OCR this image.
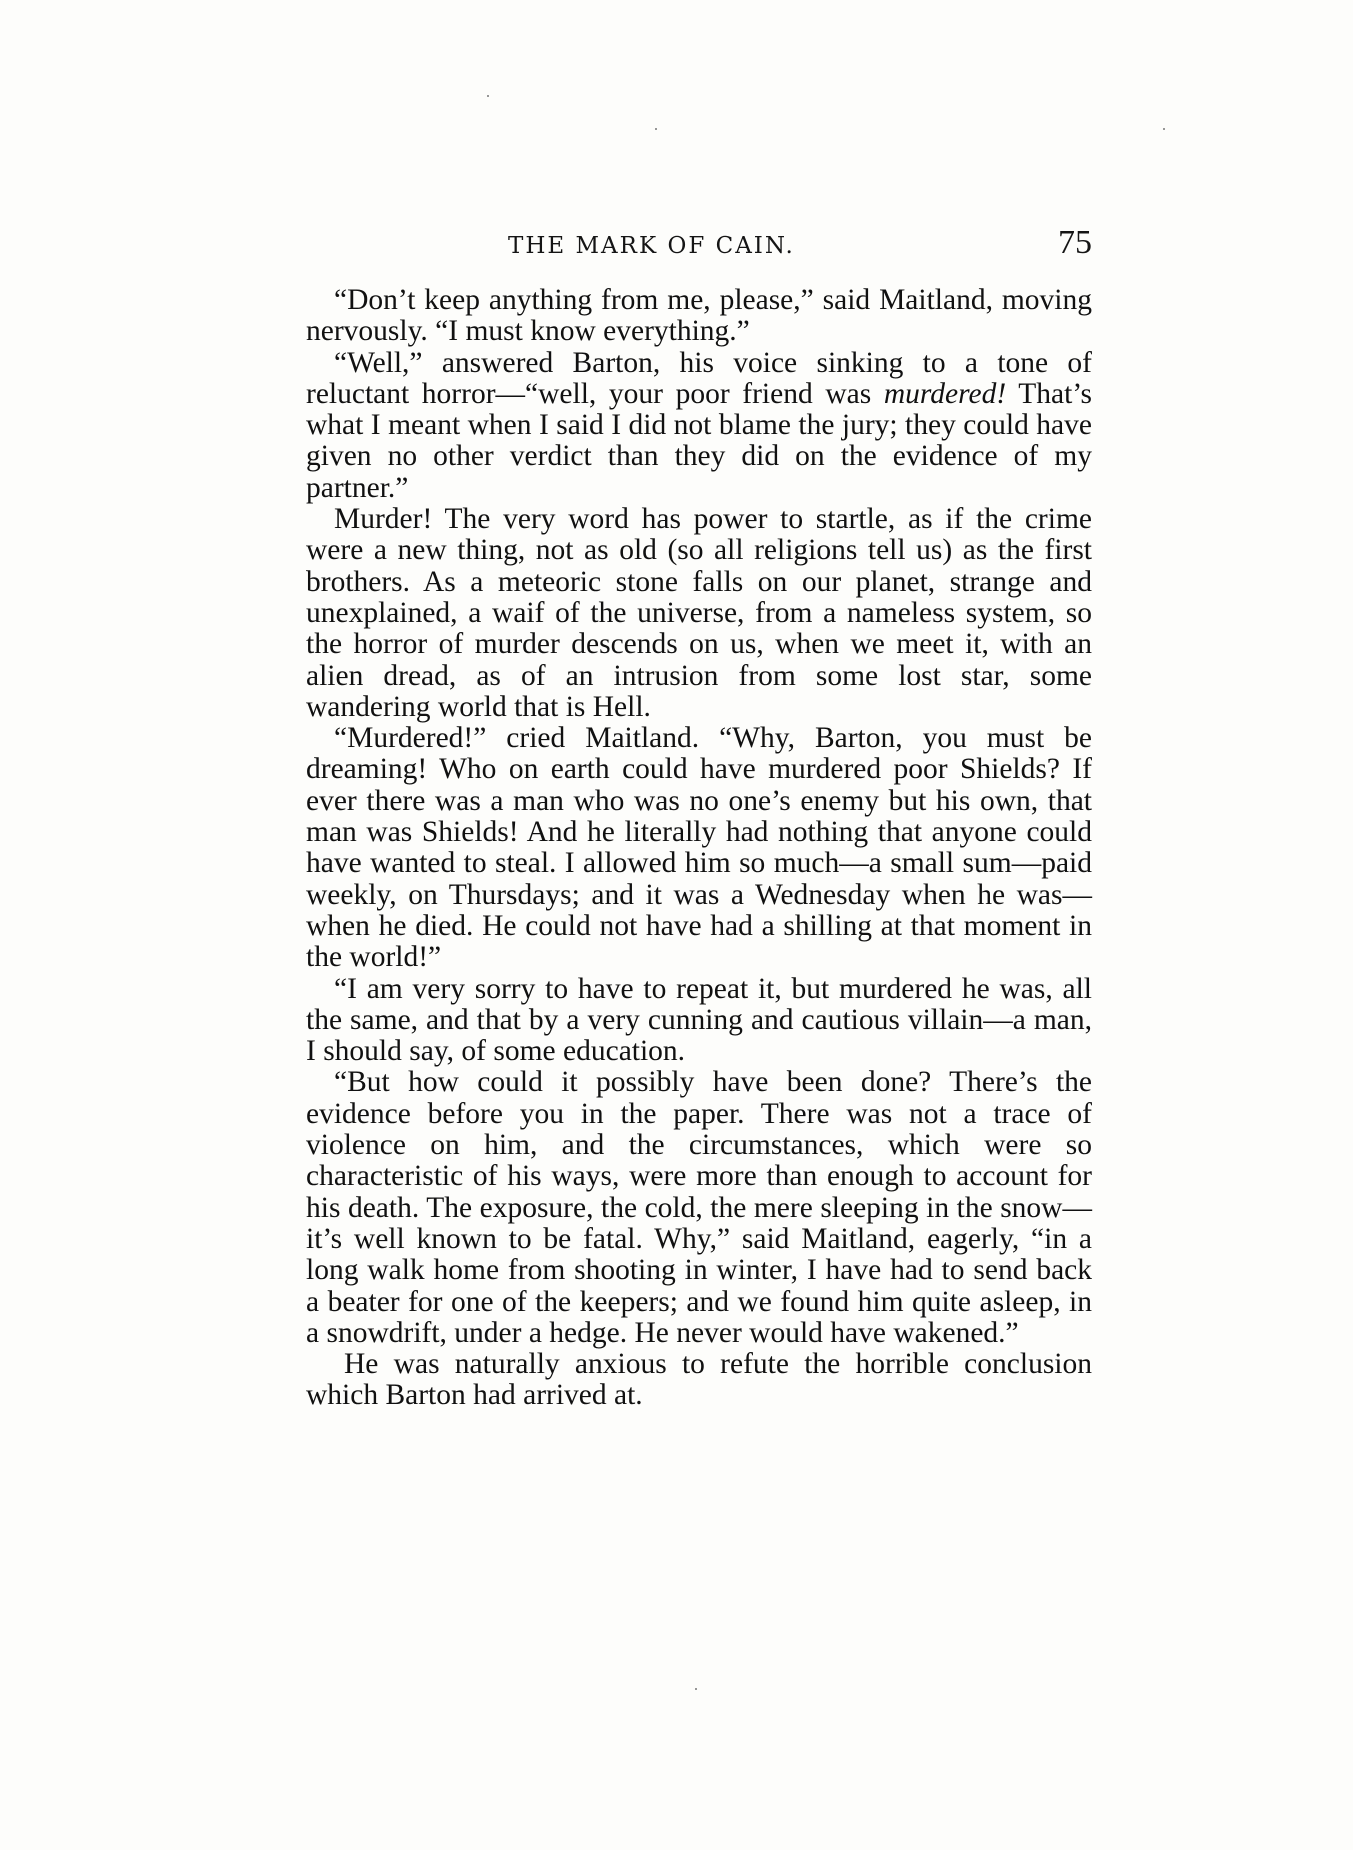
THE MARK OF CAIN.	75

“Don’t keep anything from me, please,” said Maitland, moving nervously. “I must know everything.”

“Well,” answered Barton, his voice sinking to a tone of reluctant horror—“well, your poor friend was murdered! That’s what I meant when I said I did not blame the jury; they could have given no other verdict than they did on the evidence of my partner.”

Murder! The very word has power to startle, as if the crime were a new thing, not as old (so all religions tell us) as the first brothers. As a meteoric stone falls on our planet, strange and unexplained, a waif of the universe, from a nameless system, so the horror of murder descends on us, when we meet it, with an alien dread, as of an intrusion from some lost star, some wandering world that is Hell.

“Murdered!” cried Maitland. “Why, Barton, you must be dreaming! Who on earth could have murdered poor Shields? If ever there was a man who was no one’s enemy but his own, that man was Shields! And he literally had nothing that anyone could have wanted to steal. I allowed him so much—a small sum—paid weekly, on Thursdays; and it was a Wednesday when he was—when he died. He could not have had a shilling at that moment in the world!”

“I am very sorry to have to repeat it, but murdered he was, all the same, and that by a very cunning and cautious villain—a man, I should say, of some education.

“But how could it possibly have been done? There’s the evidence before you in the paper. There was not a trace of violence on him, and the circumstances, which were so characteristic of his ways, were more than enough to account for his death. The exposure, the cold, the mere sleeping in the snow—it’s well known to be fatal. Why,” said Maitland, eagerly, “in a long walk home from shooting in winter, I have had to send back a beater for one of the keepers; and we found him quite asleep, in a snowdrift, under a hedge. He never would have wakened.”

He was naturally anxious to refute the horrible conclusion which Barton had arrived at.
